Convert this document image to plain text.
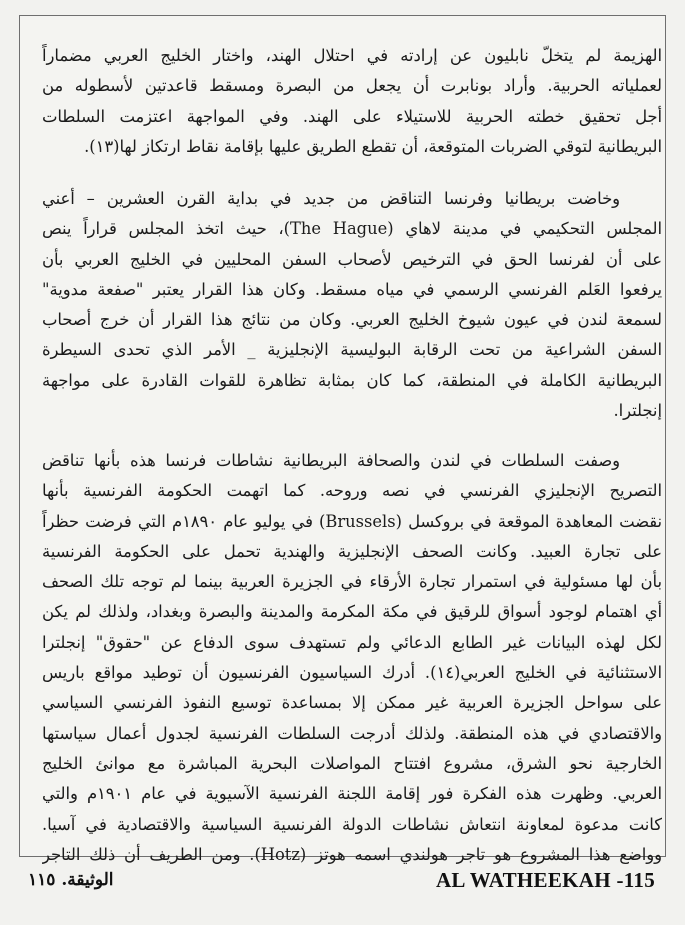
الهزيمة لم يتخلّ نابليون عن إرادته في احتلال الهند، واختار الخليج العربي مضماراً
لعملياته الحربية. وأراد بونابرت أن يجعل من البصرة ومسقط قاعدتين لأسطوله من
أجل تحقيق خطته الحربية للاستيلاء على الهند. وفي المواجهة اعتزمت السلطات
البريطانية لتوقي الضربات المتوقعة، أن تقطع الطريق عليها بإقامة نقاط ارتكاز لها(١٣).
وخاضت بريطانيا وفرنسا التناقض من جديد في بداية القرن العشرين – أعني
المجلس التحكيمي في مدينة لاهاي (The Hague)، حيث اتخذ المجلس قراراً ينص
على أن لفرنسا الحق في الترخيص لأصحاب السفن المحليين في الخليج العربي بأن
يرفعوا العَلم الفرنسي الرسمي في مياه مسقط. وكان هذا القرار يعتبر "صفعة مدوية"
لسمعة لندن في عيون شيوخ الخليج العربي. وكان من نتائج هذا القرار أن خرج أصحاب
السفن الشراعية من تحت الرقابة البوليسية الإنجليزية _ الأمر الذي تحدى السيطرة
البريطانية الكاملة في المنطقة، كما كان بمثابة تظاهرة للقوات القادرة على مواجهة
إنجلترا.
وصفت السلطات في لندن والصحافة البريطانية نشاطات فرنسا هذه بأنها تناقض
التصريح الإنجليزي الفرنسي في نصه وروحه. كما اتهمت الحكومة الفرنسية بأنها
نقضت المعاهدة الموقعة في بروكسل (Brussels) في يوليو عام ١٨٩٠م التي فرضت حظراً
على تجارة العبيد. وكانت الصحف الإنجليزية والهندية تحمل على الحكومة الفرنسية
بأن لها مسئولية في استمرار تجارة الأرقاء في الجزيرة العربية بينما لم توجه تلك الصحف
أي اهتمام لوجود أسواق للرقيق في مكة المكرمة والمدينة والبصرة وبغداد، ولذلك لم يكن
لكل لهذه البيانات غير الطابع الدعائي ولم تستهدف سوى الدفاع عن "حقوق" إنجلترا
الاستثنائية في الخليج العربي(١٤). أدرك السياسيون الفرنسيون أن توطيد مواقع باريس
على سواحل الجزيرة العربية غير ممكن إلا بمساعدة توسيع النفوذ الفرنسي السياسي
والاقتصادي في هذه المنطقة. ولذلك أدرجت السلطات الفرنسية لجدول أعمال سياستها
الخارجية نحو الشرق، مشروع افتتاح المواصلات البحرية المباشرة مع موانئ الخليج
العربي. وظهرت هذه الفكرة فور إقامة اللجنة الفرنسية الآسيوية في عام ١٩٠١م والتي
كانت مدعوة لمعاونة انتعاش نشاطات الدولة الفرنسية السياسية والاقتصادية في آسيا.
وواضع هذا المشروع هو تاجر هولندي اسمه هوتز (Hotz). ومن الطريف أن ذلك التاجر
الوثيقة. ١١٥	AL WATHEEKAH -115
